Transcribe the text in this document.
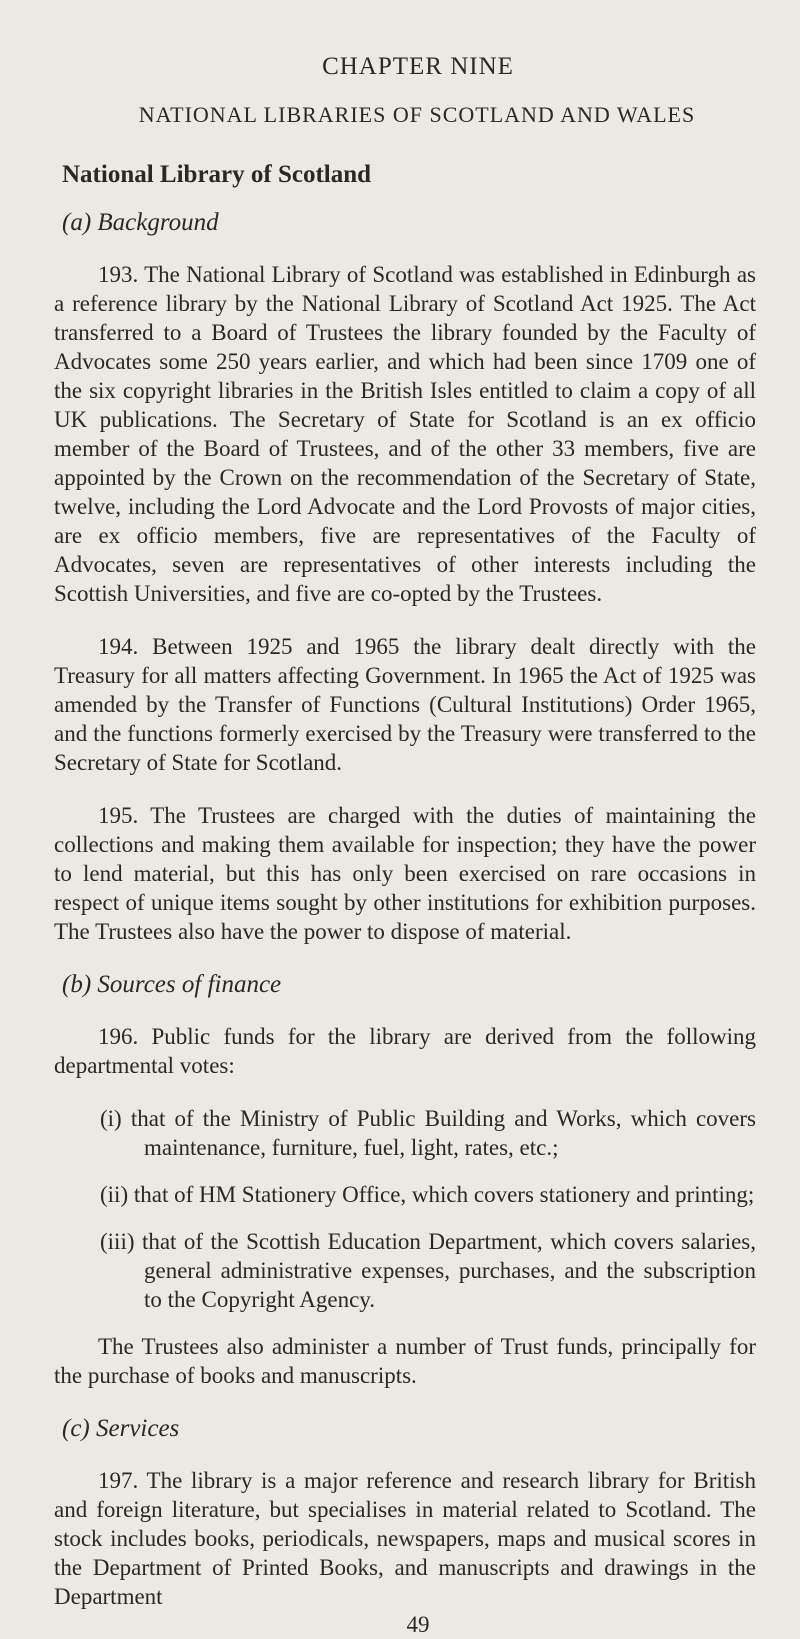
CHAPTER NINE
NATIONAL LIBRARIES OF SCOTLAND AND WALES
National Library of Scotland
(a) Background

193. The National Library of Scotland was established in Edinburgh as a reference library by the National Library of Scotland Act 1925. The Act transferred to a Board of Trustees the library founded by the Faculty of Advocates some 250 years earlier, and which had been since 1709 one of the six copyright libraries in the British Isles entitled to claim a copy of all UK publications. The Secretary of State for Scotland is an ex officio member of the Board of Trustees, and of the other 33 members, five are appointed by the Crown on the recommendation of the Secretary of State, twelve, including the Lord Advocate and the Lord Provosts of major cities, are ex officio members, five are representatives of the Faculty of Advocates, seven are representatives of other interests including the Scottish Universities, and five are co-opted by the Trustees.

194. Between 1925 and 1965 the library dealt directly with the Treasury for all matters affecting Government. In 1965 the Act of 1925 was amended by the Transfer of Functions (Cultural Institutions) Order 1965, and the functions formerly exercised by the Treasury were transferred to the Secretary of State for Scotland.

195. The Trustees are charged with the duties of maintaining the collections and making them available for inspection; they have the power to lend material, but this has only been exercised on rare occasions in respect of unique items sought by other institutions for exhibition purposes. The Trustees also have the power to dispose of material.

(b) Sources of finance

196. Public funds for the library are derived from the following departmental votes:

(i) that of the Ministry of Public Building and Works, which covers maintenance, furniture, fuel, light, rates, etc.;
(ii) that of HM Stationery Office, which covers stationery and printing;
(iii) that of the Scottish Education Department, which covers salaries, general administrative expenses, purchases, and the subscription to the Copyright Agency.

The Trustees also administer a number of Trust funds, principally for the purchase of books and manuscripts.

(c) Services

197. The library is a major reference and research library for British and foreign literature, but specialises in material related to Scotland. The stock includes books, periodicals, newspapers, maps and musical scores in the Department of Printed Books, and manuscripts and drawings in the Department

49
